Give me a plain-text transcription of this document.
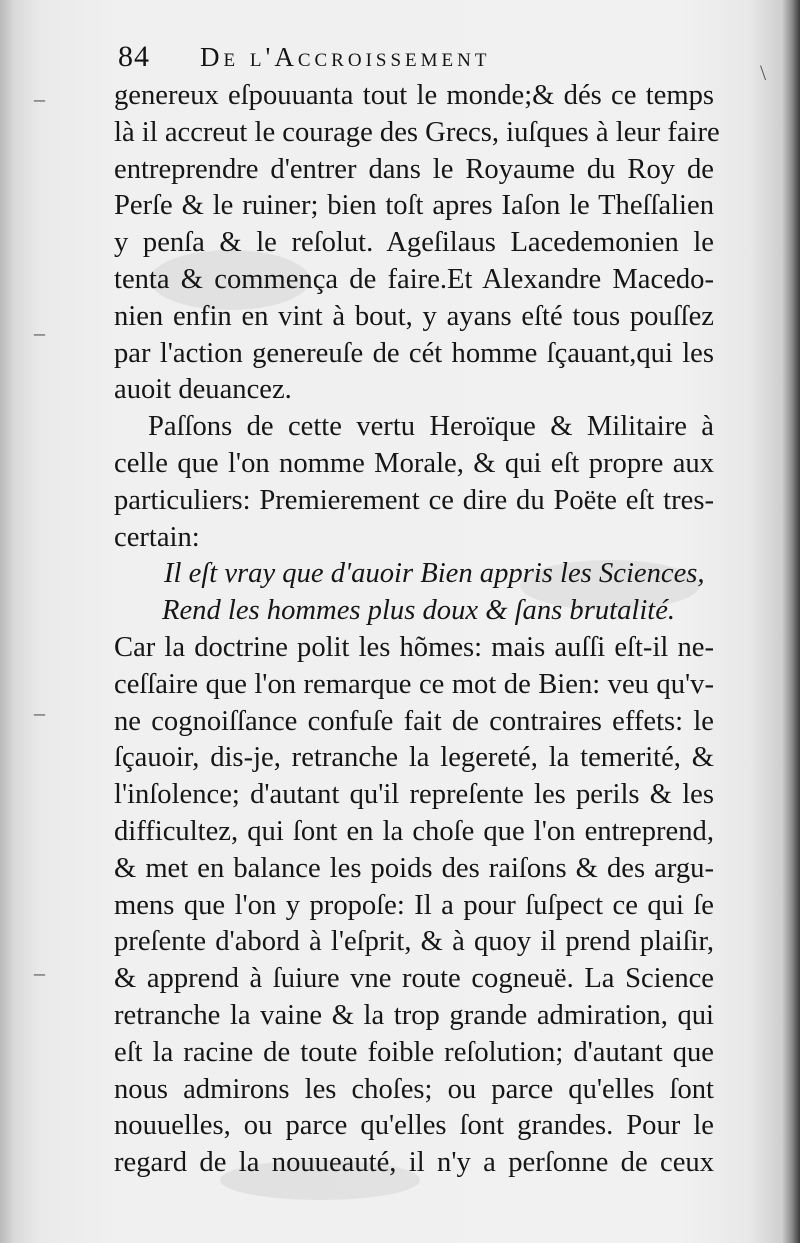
–
–
–
–
\
84 De l'Accroissement
genereux eſpouuanta tout le monde;& dés ce temps
là il accreut le courage des Grecs, iuſques à leur faire
entreprendre d'entrer dans le Royaume du Roy de
Perſe & le ruiner; bien toſt apres Iaſon le Theſſalien
y penſa & le reſolut. Ageſilaus Lacedemonien le
tenta & commença de faire.Et Alexandre Macedo-
nien enfin en vint à bout, y ayans eſté tous pouſſez
par l'action genereuſe de cét homme ſçauant,qui les
auoit deuancez.
Paſſons de cette vertu Heroïque & Militaire à
celle que l'on nomme Morale, & qui eſt propre aux
particuliers: Premierement ce dire du Poëte eſt tres-
certain:
Il eſt vray que d'auoir Bien appris les Sciences,
Rend les hommes plus doux & ſans brutalité.
Car la doctrine polit les hõmes: mais auſſi eſt-il ne-
ceſſaire que l'on remarque ce mot de Bien: veu qu'v-
ne cognoiſſance confuſe fait de contraires effets: le
ſçauoir, dis-je, retranche la legereté, la temerité, &
l'inſolence; d'autant qu'il repreſente les perils & les
difficultez, qui ſont en la choſe que l'on entreprend,
& met en balance les poids des raiſons & des argu-
mens que l'on y propoſe: Il a pour ſuſpect ce qui ſe
preſente d'abord à l'eſprit, & à quoy il prend plaiſir,
& apprend à ſuiure vne route cogneuë. La Science
retranche la vaine & la trop grande admiration, qui
eſt la racine de toute foible reſolution; d'autant que
nous admirons les choſes; ou parce qu'elles ſont
nouuelles, ou parce qu'elles ſont grandes. Pour le
regard de la nouueauté, il n'y a perſonne de ceux
